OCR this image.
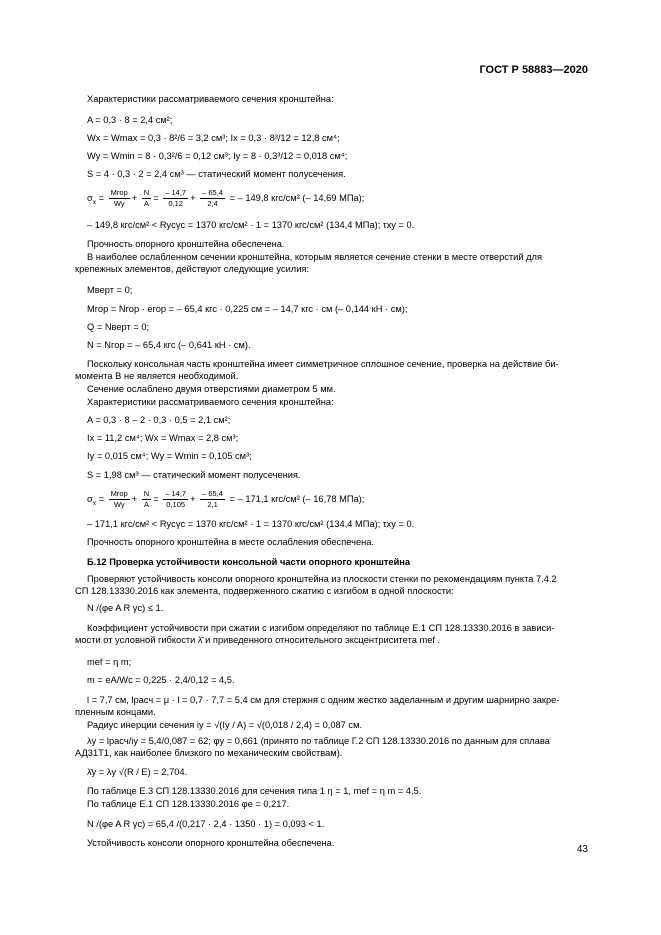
ГОСТ Р 58883—2020
Характеристики рассматриваемого сечения кронштейна:
A = 0,3 · 8 = 2,4 см²;
Wx = Wmax = 0,3 · 8²/6 = 3,2 см³; Ix = 0,3 · 8³/12 = 12,8 см⁴;
Wy = Wmin = 8 · 0,3²/6 = 0,12 см³; Iy = 8 · 0,3³/12 = 0,018 см⁴;
S = 4 · 0,3 · 2 = 2,4 см³ — статический момент полусечения.
$\sigma_x = \frac{\text{Mгор}}{Wy} + \frac{N}{A} = \frac{- 14,7}{0,12} + \frac{- 65,4}{2,4}$ = – 149,8 кгс/см² (– 14,69 МПа);
– 149,8 кгс/см² < Rycγc = 1370 кгс/см² · 1 = 1370 кгс/см² (134,4 МПа); τxy = 0.
Прочность опорного кронштейна обеспечена.
В наиболее ослабленном сечении кронштейна, которым является сечение стенки в месте отверстий для
крепежных элементов, действуют следующие усилия:
Mверт = 0;
Mгор = Nгор · eгор = – 65,4 кгс · 0,225 см = – 14,7 кгс · см (– 0,144 кН · см);
Q = Nверт = 0;
N = Nгор = – 65,4 кгс (– 0,641 кН · см).
Поскольку консольная часть кронштейна имеет симметричное сплошное сечение, проверка на действие би-
момента B не является необходимой.
Сечение ослаблено двумя отверстиями диаметром 5 мм.
Характеристики рассматриваемого сечения кронштейна:
A = 0,3 · 8 – 2 · 0,3 · 0,5 = 2,1 см²;
Ix = 11,2 см⁴; Wx = Wmax = 2,8 см³;
Iy = 0,015 см⁴; Wy = Wmin = 0,105 см³;
S = 1,98 см³ — статический момент полусечения.
$\sigma_x = \frac{\text{Mгор}}{Wy} + \frac{N}{A} = \frac{- 14,7}{0,105} + \frac{- 65,4}{2,1}$ = – 171,1 кгс/см² (– 16,78 МПа);
– 171,1 кгс/см² < Rycγc = 1370 кгс/см² · 1 = 1370 кгс/см² (134,4 МПа); τxy = 0.
Прочность опорного кронштейна в месте ослабления обеспечена.
Б.12 Проверка устойчивости консольной части опорного кронштейна
Проверяют устойчивость консоли опорного кронштейна из плоскости стенки по рекомендациям пункта 7.4.2
СП 128.13330.2016 как элемента, подверженного сжатию с изгибом в одной плоскости:
N /(φe A R γc) ≤ 1.
Коэффициент устойчивости при сжатии с изгибом определяют по таблице Е.1 СП 128.13330.2016 в зависи-
мости от условной гибкости λ̄ и приведенного относительного эксцентриситета mef .
mef = η m;
m = eA/Wc = 0,225 · 2,4/0,12 = 4,5.
l = 7,7 см, lрасч = μ · l = 0,7 · 7,7 = 5,4 см для стержня с одним жестко заделанным и другим шарнирно закре-
пленным концами.
Радиус инерции сечения iy = √(Iy / A) = √(0,018 / 2,4) = 0,087 см.
λy = lрасч/iy = 5,4/0,087 = 62; φy = 0,661 (принято по таблице Г.2 СП 128.13330.2016 по данным для сплава
АД31Т1, как наиболее близкого по механическим свойствам).
λ̄y = λy √(R / E) = 2,704.
По таблице Е.3 СП 128.13330.2016 для сечения типа 1 η = 1, mef = η m = 4,5.
По таблице Е.1 СП 128.13330.2016 φe = 0,217.
N /(φe A R γc) = 65,4 /(0,217 · 2,4 · 1350 · 1) = 0,093 < 1.
Устойчивость консоли опорного кронштейна обеспечена.
43
